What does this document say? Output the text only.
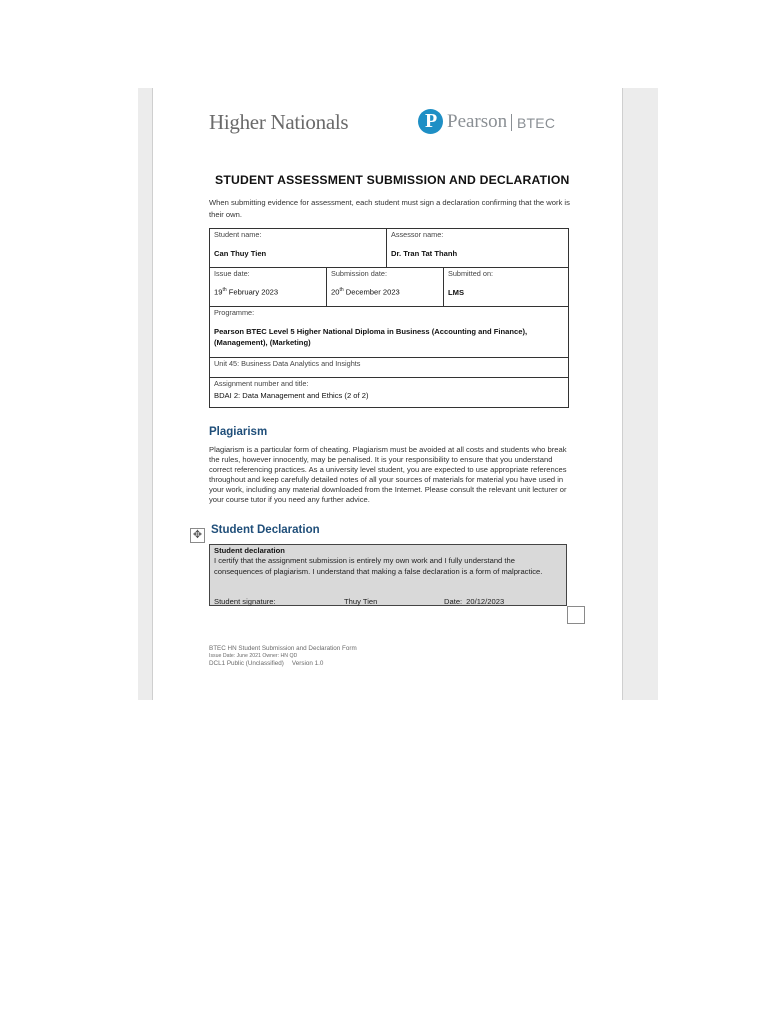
Higher Nationals	P Pearson BTEC
STUDENT ASSESSMENT SUBMISSION AND DECLARATION
When submitting evidence for assessment, each student must sign a declaration confirming that the work is their own.
Student name:
Can Thuy Tien
Assessor name:
Dr. Tran Tat Thanh
Issue date:
19th February 2023
Submission date:
20th December 2023
Submitted on:
LMS
Programme:
Pearson BTEC Level 5 Higher National Diploma in Business (Accounting and Finance), (Management), (Marketing)
Unit 45: Business Data Analytics and Insights
Assignment number and title:
BDAI 2: Data Management and Ethics (2 of 2)
Plagiarism
Plagiarism is a particular form of cheating. Plagiarism must be avoided at all costs and students who break the rules, however innocently, may be penalised. It is your responsibility to ensure that you understand correct referencing practices. As a university level student, you are expected to use appropriate references throughout and keep carefully detailed notes of all your sources of materials for material you have used in your work, including any material downloaded from the Internet. Please consult the relevant unit lecturer or your course tutor if you need any further advice.
✥ Student Declaration
Student declaration
I certify that the assignment submission is entirely my own work and I fully understand the consequences of plagiarism. I understand that making a false declaration is a form of malpractice.
Student signature:	Thuy Tien	Date: 20/12/2023
BTEC HN Student Submission and Declaration Form
Issue Date: June 2021 Owner: HN QD
DCL1 Public (Unclassified) Version 1.0
